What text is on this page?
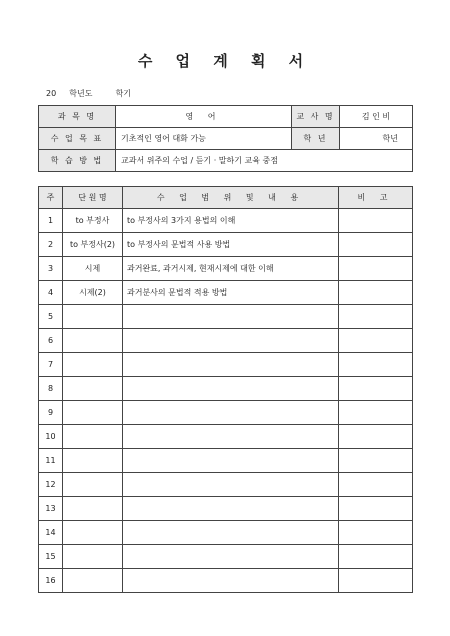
수 업 계 획 서
20 학년도	학기
과 목 명	영 어	교 사 명	김 인 비
수 업 목 표	기초적인 영어 대화 가능	학 년	학년
학 습 방 법	교과서 위주의 수업 / 듣기 · 말하기 교육 중점		
주	단 원 명	수 업 범 위 및 내 용	비 고
1	to 부정사	to 부정사의 3가지 용법의 이해	
2	to 부정사(2)	to 부정사의 문법적 사용 방법	
3	시제	과거완료, 과거시제, 현재시제에 대한 이해	
4	시제(2)	과거분사의 문법적 적용 방법	
5			
6			
7			
8			
9			
10			
11			
12			
13			
14			
15			
16			
